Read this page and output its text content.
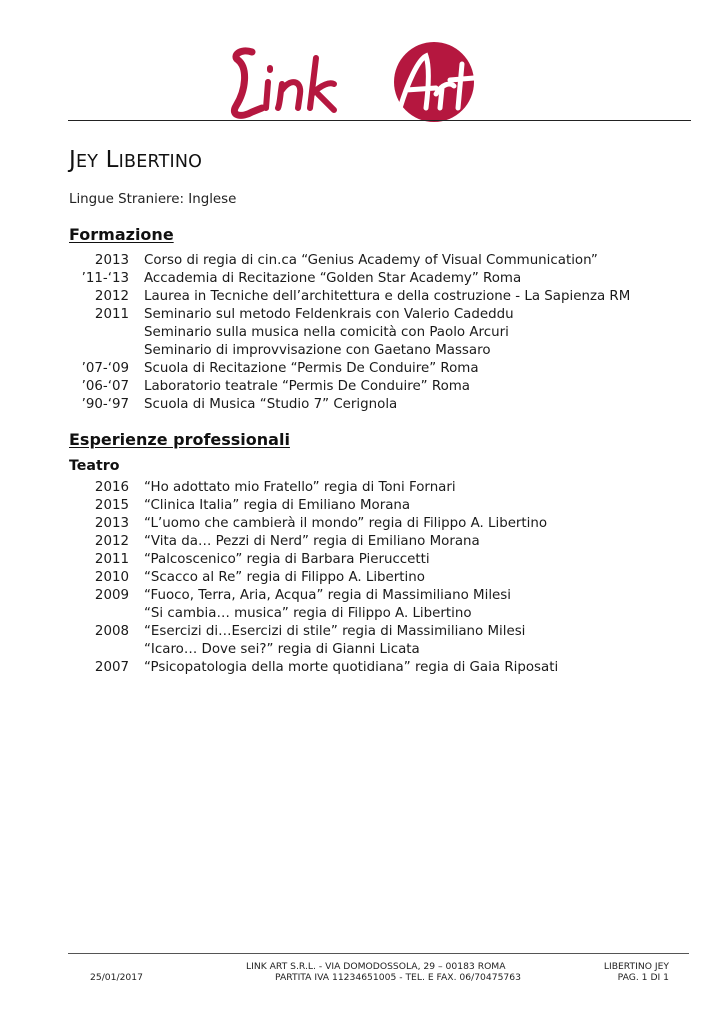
JEY LIBERTINO
Lingue Straniere: Inglese
Formazione
2013 Corso di regia di cin.ca “Genius Academy of Visual Communication”
’11-‘13 Accademia di Recitazione “Golden Star Academy” Roma
2012 Laurea in Tecniche dell’architettura e della costruzione - La Sapienza RM
2011 Seminario sul metodo Feldenkrais con Valerio Cadeddu
Seminario sulla musica nella comicità con Paolo Arcuri
Seminario di improvvisazione con Gaetano Massaro
’07-‘09 Scuola di Recitazione “Permis De Conduire” Roma
’06-‘07 Laboratorio teatrale “Permis De Conduire” Roma
’90-‘97 Scuola di Musica “Studio 7” Cerignola
Esperienze professionali
Teatro
2016 “Ho adottato mio Fratello” regia di Toni Fornari
2015 “Clinica Italia” regia di Emiliano Morana
2013 “L’uomo che cambierà il mondo” regia di Filippo A. Libertino
2012 “Vita da… Pezzi di Nerd” regia di Emiliano Morana
2011 “Palcoscenico” regia di Barbara Pieruccetti
2010 “Scacco al Re” regia di Filippo A. Libertino
2009 “Fuoco, Terra, Aria, Acqua” regia di Massimiliano Milesi
“Si cambia… musica” regia di Filippo A. Libertino
2008 “Esercizi di…Esercizi di stile” regia di Massimiliano Milesi
“Icaro… Dove sei?” regia di Gianni Licata
2007 “Psicopatologia della morte quotidiana” regia di Gaia Riposati
25/01/2017
LINK ART S.R.L. - VIA DOMODOSSOLA, 29 – 00183 ROMA
PARTITA IVA 11234651005 - TEL. E FAX. 06/70475763
LIBERTINO JEY
PAG. 1 DI 1
